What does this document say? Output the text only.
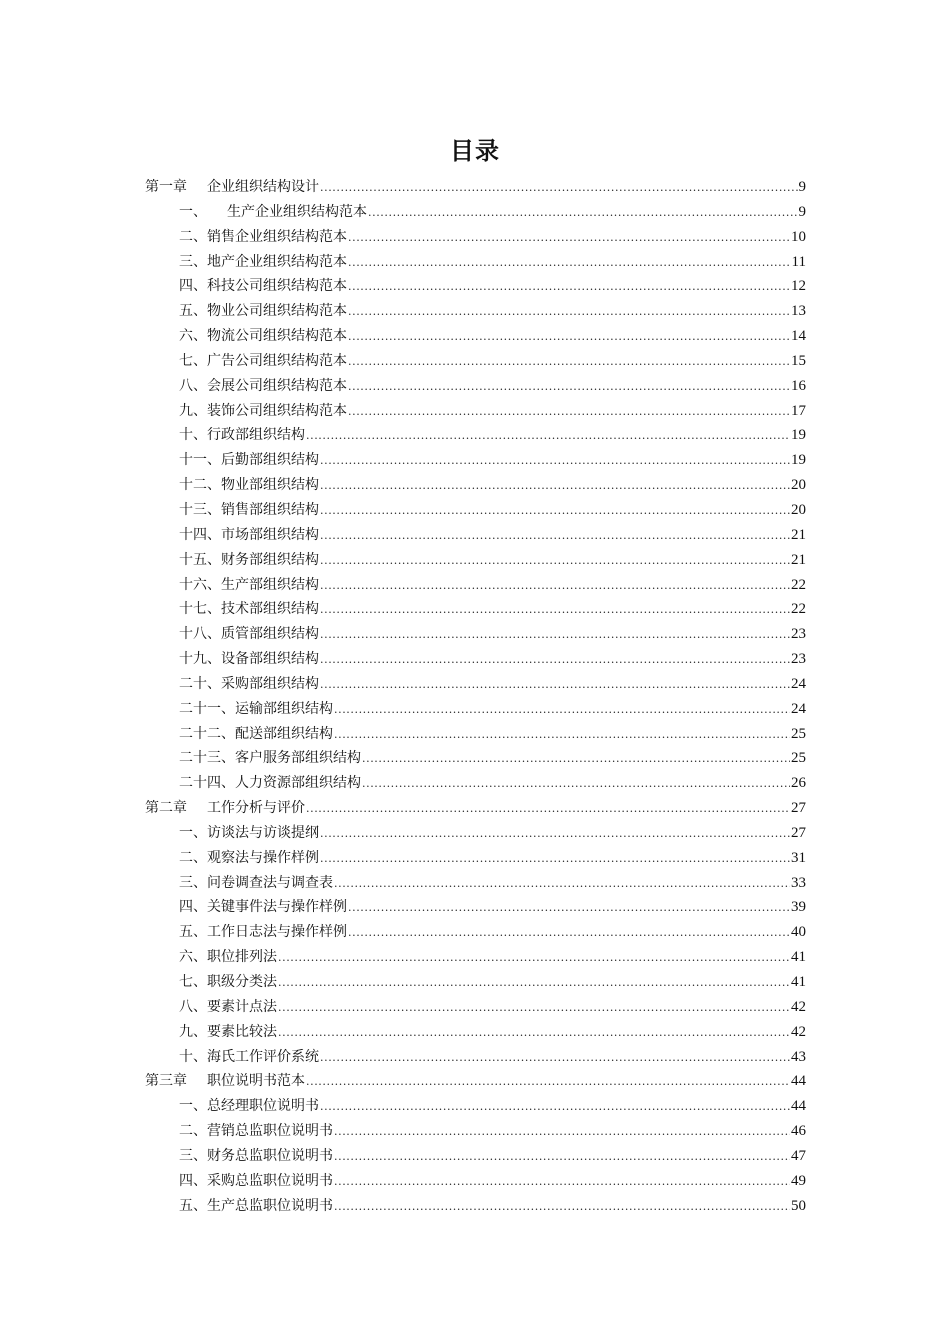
目录
第一章 企业组织结构设计 .....	9
一、 生产企业组织结构范本 .....	9
二、销售企业组织结构范本 .....	10
三、地产企业组织结构范本 .....	11
四、科技公司组织结构范本 .....	12
五、物业公司组织结构范本 .....	13
六、物流公司组织结构范本 .....	14
七、广告公司组织结构范本 .....	15
八、会展公司组织结构范本 .....	16
九、装饰公司组织结构范本 .....	17
十、行政部组织结构 .....	19
十一、后勤部组织结构 .....	19
十二、物业部组织结构 .....	20
十三、销售部组织结构 .....	20
十四、市场部组织结构 .....	21
十五、财务部组织结构 .....	21
十六、生产部组织结构 .....	22
十七、技术部组织结构 .....	22
十八、质管部组织结构 .....	23
十九、设备部组织结构 .....	23
二十、采购部组织结构 .....	24
二十一、运输部组织结构 .....	24
二十二、配送部组织结构 .....	25
二十三、客户服务部组织结构 .....	25
二十四、人力资源部组织结构 .....	26
第二章 工作分析与评价 .....	27
一、访谈法与访谈提纲 .....	27
二、观察法与操作样例 .....	31
三、问卷调查法与调查表 .....	33
四、关键事件法与操作样例 .....	39
五、工作日志法与操作样例 .....	40
六、职位排列法 .....	41
七、职级分类法 .....	41
八、要素计点法 .....	42
九、要素比较法 .....	42
十、海氏工作评价系统 .....	43
第三章 职位说明书范本 .....	44
一、总经理职位说明书 .....	44
二、营销总监职位说明书 .....	46
三、财务总监职位说明书 .....	47
四、采购总监职位说明书 .....	49
五、生产总监职位说明书 .....	50
